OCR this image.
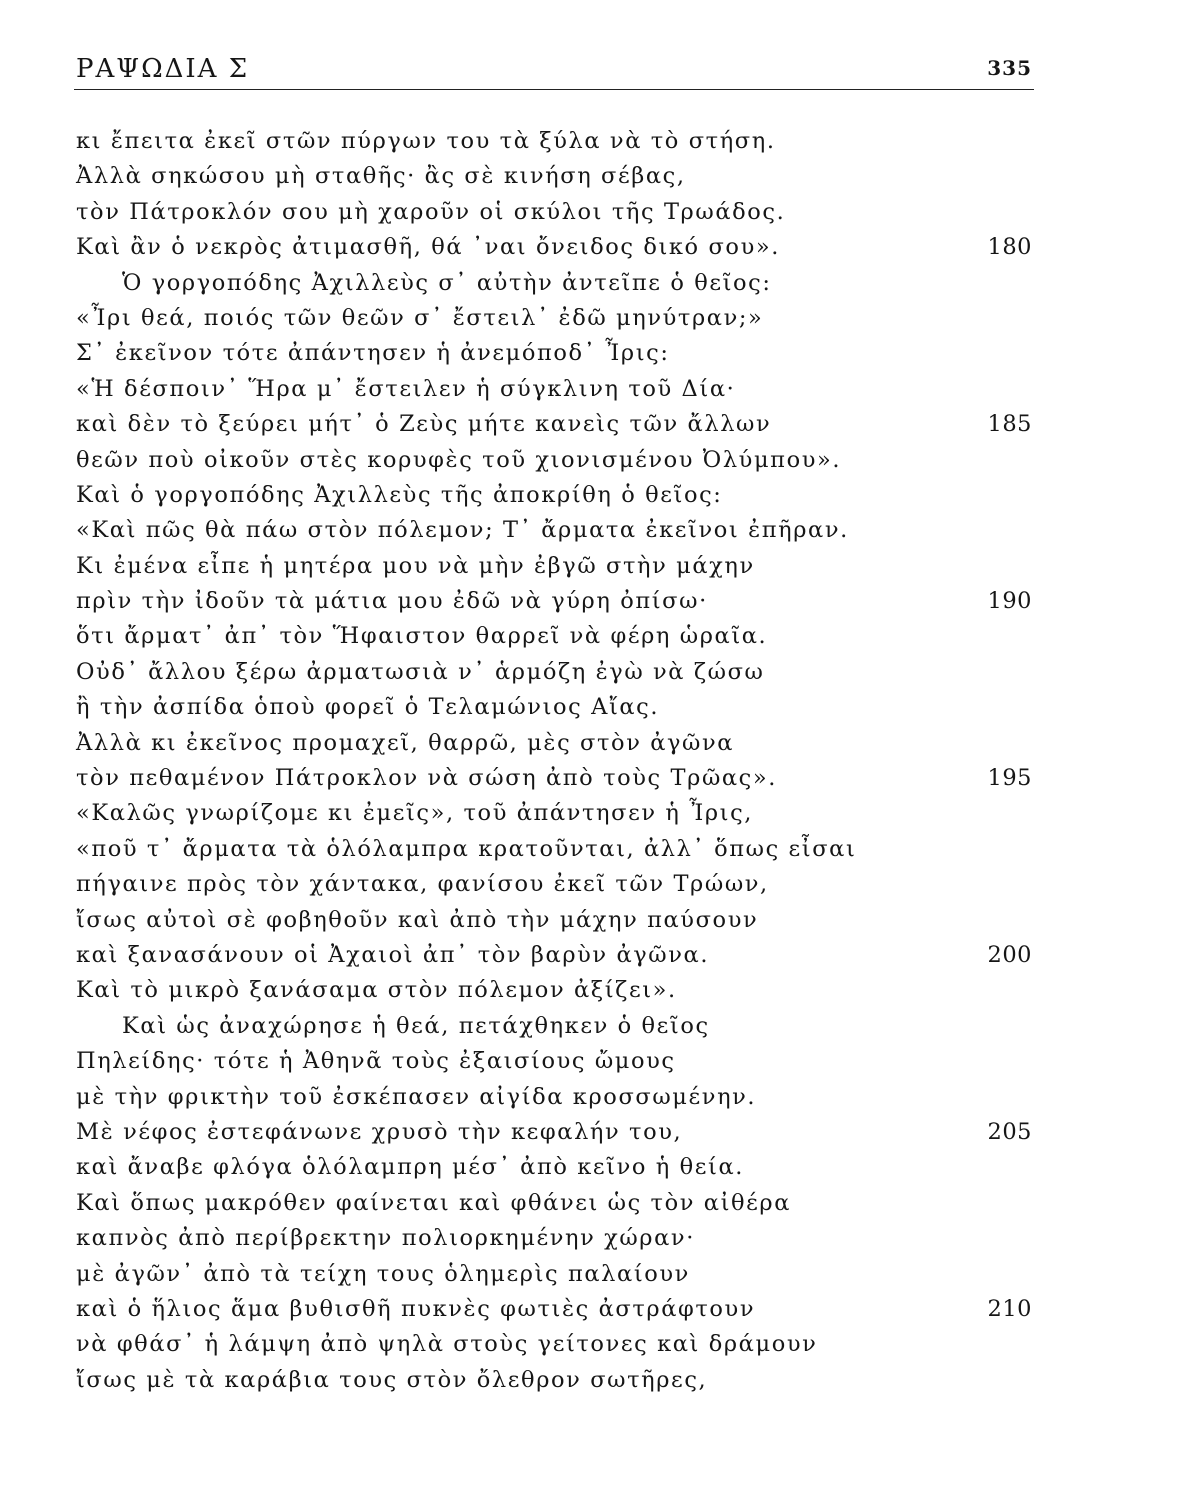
ΡΑΨΩΔΙΑ Σ	335
κι ἔπειτα ἐκεῖ στῶν πύργων του τὰ ξύλα νὰ τὸ στήση.
Ἀλλὰ σηκώσου μὴ σταθῆς· ἂς σὲ κινήση σέβας,
τὸν Πάτροκλόν σου μὴ χαροῦν οἱ σκύλοι τῆς Τρωάδος.
Καὶ ἂν ὁ νεκρὸς ἀτιμασθῆ, θά ᾿ναι ὄνειδος δικό σου».	180
Ὁ γοργοπόδης Ἀχιλλεὺς σ᾿ αὐτὴν ἀντεῖπε ὁ θεῖος:
«Ἶρι θεά, ποιός τῶν θεῶν σ᾿ ἔστειλ᾿ ἐδῶ μηνύτραν;»
Σ᾿ ἐκεῖνον τότε ἀπάντησεν ἡ ἀνεμόποδ᾿ Ἶρις:
«Ἡ δέσποιν᾿ Ἥρα μ᾿ ἔστειλεν ἡ σύγκλινη τοῦ Δία·
καὶ δὲν τὸ ξεύρει μήτ᾿ ὁ Ζεὺς μήτε κανεὶς τῶν ἄλλων	185
θεῶν ποὺ οἰκοῦν στὲς κορυφὲς τοῦ χιονισμένου Ὀλύμπου».
Καὶ ὁ γοργοπόδης Ἀχιλλεὺς τῆς ἀποκρίθη ὁ θεῖος:
«Καὶ πῶς θὰ πάω στὸν πόλεμον; Τ᾿ ἄρματα ἐκεῖνοι ἐπῆραν.
Κι ἐμένα εἶπε ἡ μητέρα μου νὰ μὴν ἐβγῶ στὴν μάχην
πρὶν τὴν ἰδοῦν τὰ μάτια μου ἐδῶ νὰ γύρη ὀπίσω·	190
ὅτι ἄρματ᾿ ἀπ᾿ τὸν Ἥφαιστον θαρρεῖ νὰ φέρη ὡραῖα.
Οὐδ᾿ ἄλλου ξέρω ἀρματωσιὰ ν᾿ ἁρμόζη ἐγὼ νὰ ζώσω
ἢ τὴν ἀσπίδα ὁποὺ φορεῖ ὁ Τελαμώνιος Αἴας.
Ἀλλὰ κι ἐκεῖνος προμαχεῖ, θαρρῶ, μὲς στὸν ἀγῶνα
τὸν πεθαμένον Πάτροκλον νὰ σώση ἀπὸ τοὺς Τρῶας».	195
«Καλῶς γνωρίζομε κι ἐμεῖς», τοῦ ἀπάντησεν ἡ Ἶρις,
«ποῦ τ᾿ ἄρματα τὰ ὁλόλαμπρα κρατοῦνται, ἀλλ᾿ ὅπως εἶσαι
πήγαινε πρὸς τὸν χάντακα, φανίσου ἐκεῖ τῶν Τρώων,
ἴσως αὐτοὶ σὲ φοβηθοῦν καὶ ἀπὸ τὴν μάχην παύσουν
καὶ ξανασάνουν οἱ Ἀχαιοὶ ἀπ᾿ τὸν βαρὺν ἀγῶνα.	200
Καὶ τὸ μικρὸ ξανάσαμα στὸν πόλεμον ἀξίζει».
Καὶ ὡς ἀναχώρησε ἡ θεά, πετάχθηκεν ὁ θεῖος
Πηλείδης· τότε ἡ Ἀθηνᾶ τοὺς ἐξαισίους ὤμους
μὲ τὴν φρικτὴν τοῦ ἐσκέπασεν αἰγίδα κροσσωμένην.
Μὲ νέφος ἐστεφάνωνε χρυσὸ τὴν κεφαλήν του,	205
καὶ ἄναβε φλόγα ὁλόλαμπρη μέσ᾿ ἀπὸ κεῖνο ἡ θεία.
Καὶ ὅπως μακρόθεν φαίνεται καὶ φθάνει ὡς τὸν αἰθέρα
καπνὸς ἀπὸ περίβρεκτην πολιορκημένην χώραν·
μὲ ἀγῶν᾿ ἀπὸ τὰ τείχη τους ὁλημερὶς παλαίουν
καὶ ὁ ἥλιος ἅμα βυθισθῆ πυκνὲς φωτιὲς ἀστράφτουν	210
νὰ φθάσ᾿ ἡ λάμψη ἀπὸ ψηλὰ στοὺς γείτονες καὶ δράμουν
ἴσως μὲ τὰ καράβια τους στὸν ὄλεθρον σωτῆρες,
